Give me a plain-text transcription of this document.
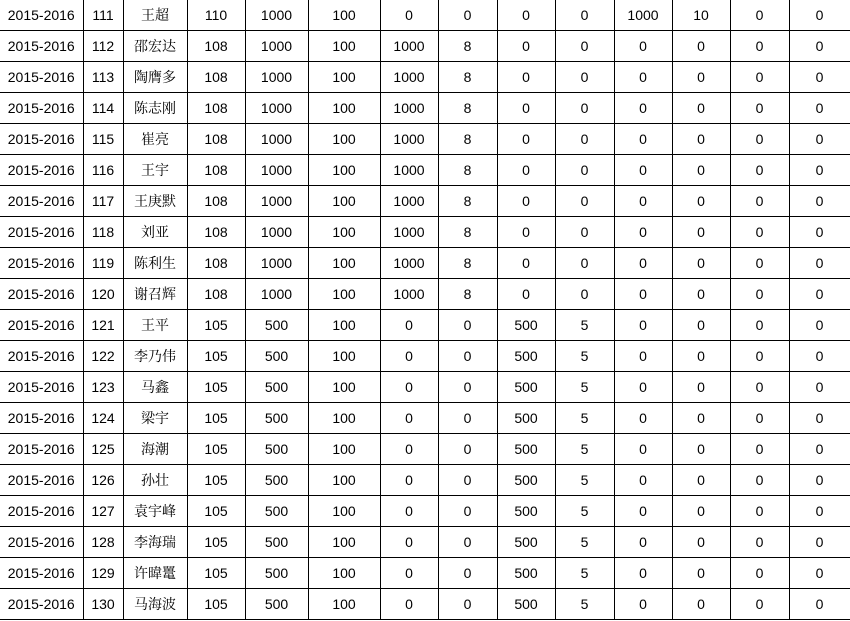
2015-2016	111	王超	110	1000	100	0	0	0	0	1000	10	0	0
2015-2016	112	邵宏达	108	1000	100	1000	8	0	0	0	0	0	0
2015-2016	113	陶膺多	108	1000	100	1000	8	0	0	0	0	0	0
2015-2016	114	陈志刚	108	1000	100	1000	8	0	0	0	0	0	0
2015-2016	115	崔亮	108	1000	100	1000	8	0	0	0	0	0	0
2015-2016	116	王宇	108	1000	100	1000	8	0	0	0	0	0	0
2015-2016	117	王庚默	108	1000	100	1000	8	0	0	0	0	0	0
2015-2016	118	刘亚	108	1000	100	1000	8	0	0	0	0	0	0
2015-2016	119	陈利生	108	1000	100	1000	8	0	0	0	0	0	0
2015-2016	120	谢召辉	108	1000	100	1000	8	0	0	0	0	0	0
2015-2016	121	王平	105	500	100	0	0	500	5	0	0	0	0
2015-2016	122	李乃伟	105	500	100	0	0	500	5	0	0	0	0
2015-2016	123	马鑫	105	500	100	0	0	500	5	0	0	0	0
2015-2016	124	梁宇	105	500	100	0	0	500	5	0	0	0	0
2015-2016	125	海潮	105	500	100	0	0	500	5	0	0	0	0
2015-2016	126	孙壮	105	500	100	0	0	500	5	0	0	0	0
2015-2016	127	袁宇峰	105	500	100	0	0	500	5	0	0	0	0
2015-2016	128	李海瑞	105	500	100	0	0	500	5	0	0	0	0
2015-2016	129	许暐鼍	105	500	100	0	0	500	5	0	0	0	0
2015-2016	130	马海波	105	500	100	0	0	500	5	0	0	0	0
